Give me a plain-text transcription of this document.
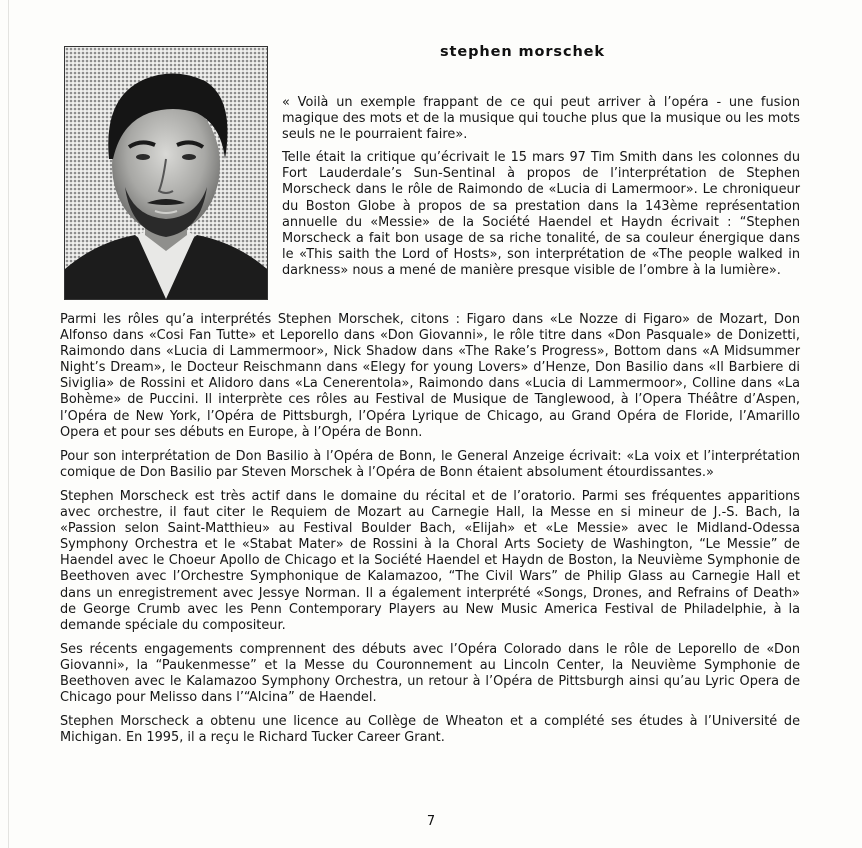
stephen morschek

« Voilà un exemple frappant de ce qui peut arriver à l’opéra - une fusion magique des mots et de la musique qui touche plus que la musique ou les mots seuls ne le pourraient faire».

Telle était la critique qu’écrivait le 15 mars 97 Tim Smith dans les colonnes du Fort Lauderdale’s Sun-Sentinal à propos de l’interprétation de Stephen Morscheck dans le rôle de Raimondo de «Lucia di Lamermoor». Le chroniqueur du Boston Globe à propos de sa prestation dans la 143ème représentation annuelle du «Messie» de la Société Haendel et Haydn écrivait : “Stephen Morscheck a fait bon usage de sa riche tonalité, de sa couleur énergique dans le «This saith the Lord of Hosts», son interprétation de «The people walked in darkness» nous a mené de manière presque visible de l’ombre à la lumière».

Parmi les rôles qu’a interprétés Stephen Morschek, citons : Figaro dans «Le Nozze di Figaro» de Mozart, Don Alfonso dans «Cosi Fan Tutte» et Leporello dans «Don Giovanni», le rôle titre dans «Don Pasquale» de Donizetti, Raimondo dans «Lucia di Lammermoor», Nick Shadow dans «The Rake’s Progress», Bottom dans «A Midsummer Night’s Dream», le Docteur Reischmann dans «Elegy for young Lovers» d’Henze, Don Basilio dans «Il Barbiere di Siviglia» de Rossini et Alidoro dans «La Cenerentola», Raimondo dans «Lucia di Lammermoor», Colline dans «La Bohème» de Puccini. Il interprète ces rôles au Festival de Musique de Tanglewood, à l’Opera Théâtre d’Aspen, l’Opéra de New York, l’Opéra de Pittsburgh, l’Opéra Lyrique de Chicago, au Grand Opéra de Floride, l’Amarillo Opera et pour ses débuts en Europe, à l’Opéra de Bonn.

Pour son interprétation de Don Basilio à l’Opéra de Bonn, le General Anzeige écrivait: «La voix et l’interprétation comique de Don Basilio par Steven Morschek à l’Opéra de Bonn étaient absolument étourdissantes.»

Stephen Morscheck est très actif dans le domaine du récital et de l’oratorio. Parmi ses fréquentes apparitions avec orchestre, il faut citer le Requiem de Mozart au Carnegie Hall, la Messe en si mineur de J.-S. Bach, la «Passion selon Saint-Matthieu» au Festival Boulder Bach, «Elijah» et «Le Messie» avec le Midland-Odessa Symphony Orchestra et le «Stabat Mater» de Rossini à la Choral Arts Society de Washington, “Le Messie” de Haendel avec le Choeur Apollo de Chicago et la Société Haendel et Haydn de Boston, la Neuvième Symphonie de Beethoven avec l’Orchestre Symphonique de Kalamazoo, “The Civil Wars” de Philip Glass au Carnegie Hall et dans un enregistrement avec Jessye Norman. Il a également interprété «Songs, Drones, and Refrains of Death» de George Crumb avec les Penn Contemporary Players au New Music America Festival de Philadelphie, à la demande spéciale du compositeur.

Ses récents engagements comprennent des débuts avec l’Opéra Colorado dans le rôle de Leporello de «Don Giovanni», la “Paukenmesse” et la Messe du Couronnement au Lincoln Center, la Neuvième Symphonie de Beethoven avec le Kalamazoo Symphony Orchestra, un retour à l’Opéra de Pittsburgh ainsi qu’au Lyric Opera de Chicago pour Melisso dans l’“Alcina” de Haendel.

Stephen Morscheck a obtenu une licence au Collège de Wheaton et a complété ses études à l’Université de Michigan. En 1995, il a reçu le Richard Tucker Career Grant.

7
